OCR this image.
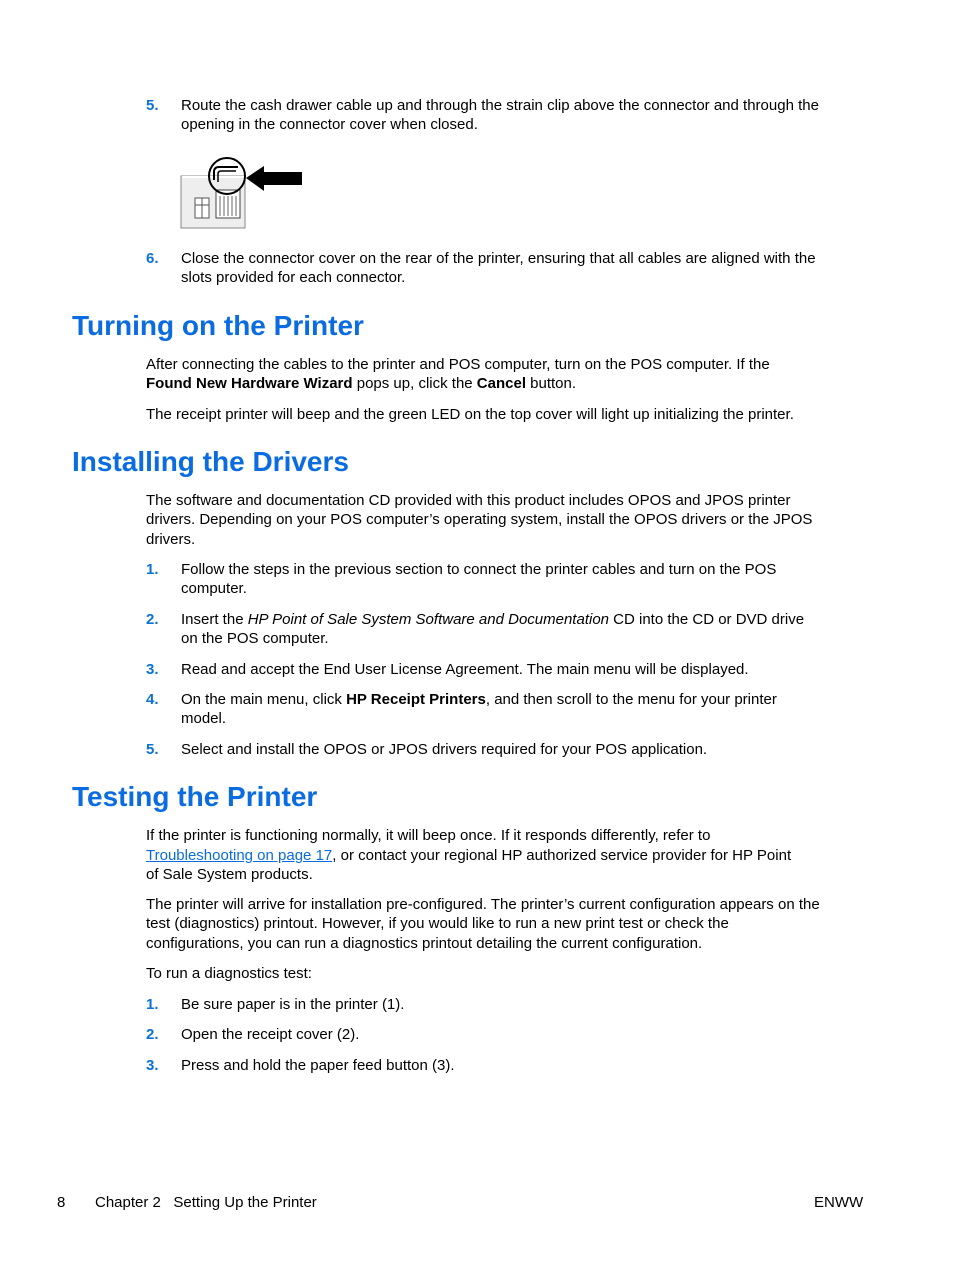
5. Route the cash drawer cable up and through the strain clip above the connector and through the
opening in the connector cover when closed.
6. Close the connector cover on the rear of the printer, ensuring that all cables are aligned with the
slots provided for each connector.
Turning on the Printer
After connecting the cables to the printer and POS computer, turn on the POS computer. If the
Found New Hardware Wizard pops up, click the Cancel button.
The receipt printer will beep and the green LED on the top cover will light up initializing the printer.
Installing the Drivers
The software and documentation CD provided with this product includes OPOS and JPOS printer
drivers. Depending on your POS computer’s operating system, install the OPOS drivers or the JPOS
drivers.
1. Follow the steps in the previous section to connect the printer cables and turn on the POS
computer.
2. Insert the HP Point of Sale System Software and Documentation CD into the CD or DVD drive
on the POS computer.
3. Read and accept the End User License Agreement. The main menu will be displayed.
4. On the main menu, click HP Receipt Printers, and then scroll to the menu for your printer
model.
5. Select and install the OPOS or JPOS drivers required for your POS application.
Testing the Printer
If the printer is functioning normally, it will beep once. If it responds differently, refer to
Troubleshooting on page 17, or contact your regional HP authorized service provider for HP Point
of Sale System products.
The printer will arrive for installation pre-configured. The printer’s current configuration appears on the
test (diagnostics) printout. However, if you would like to run a new print test or check the
configurations, you can run a diagnostics printout detailing the current configuration.
To run a diagnostics test:
1. Be sure paper is in the printer (1).
2. Open the receipt cover (2).
3. Press and hold the paper feed button (3).
8 Chapter 2   Setting Up the Printer	ENWW
